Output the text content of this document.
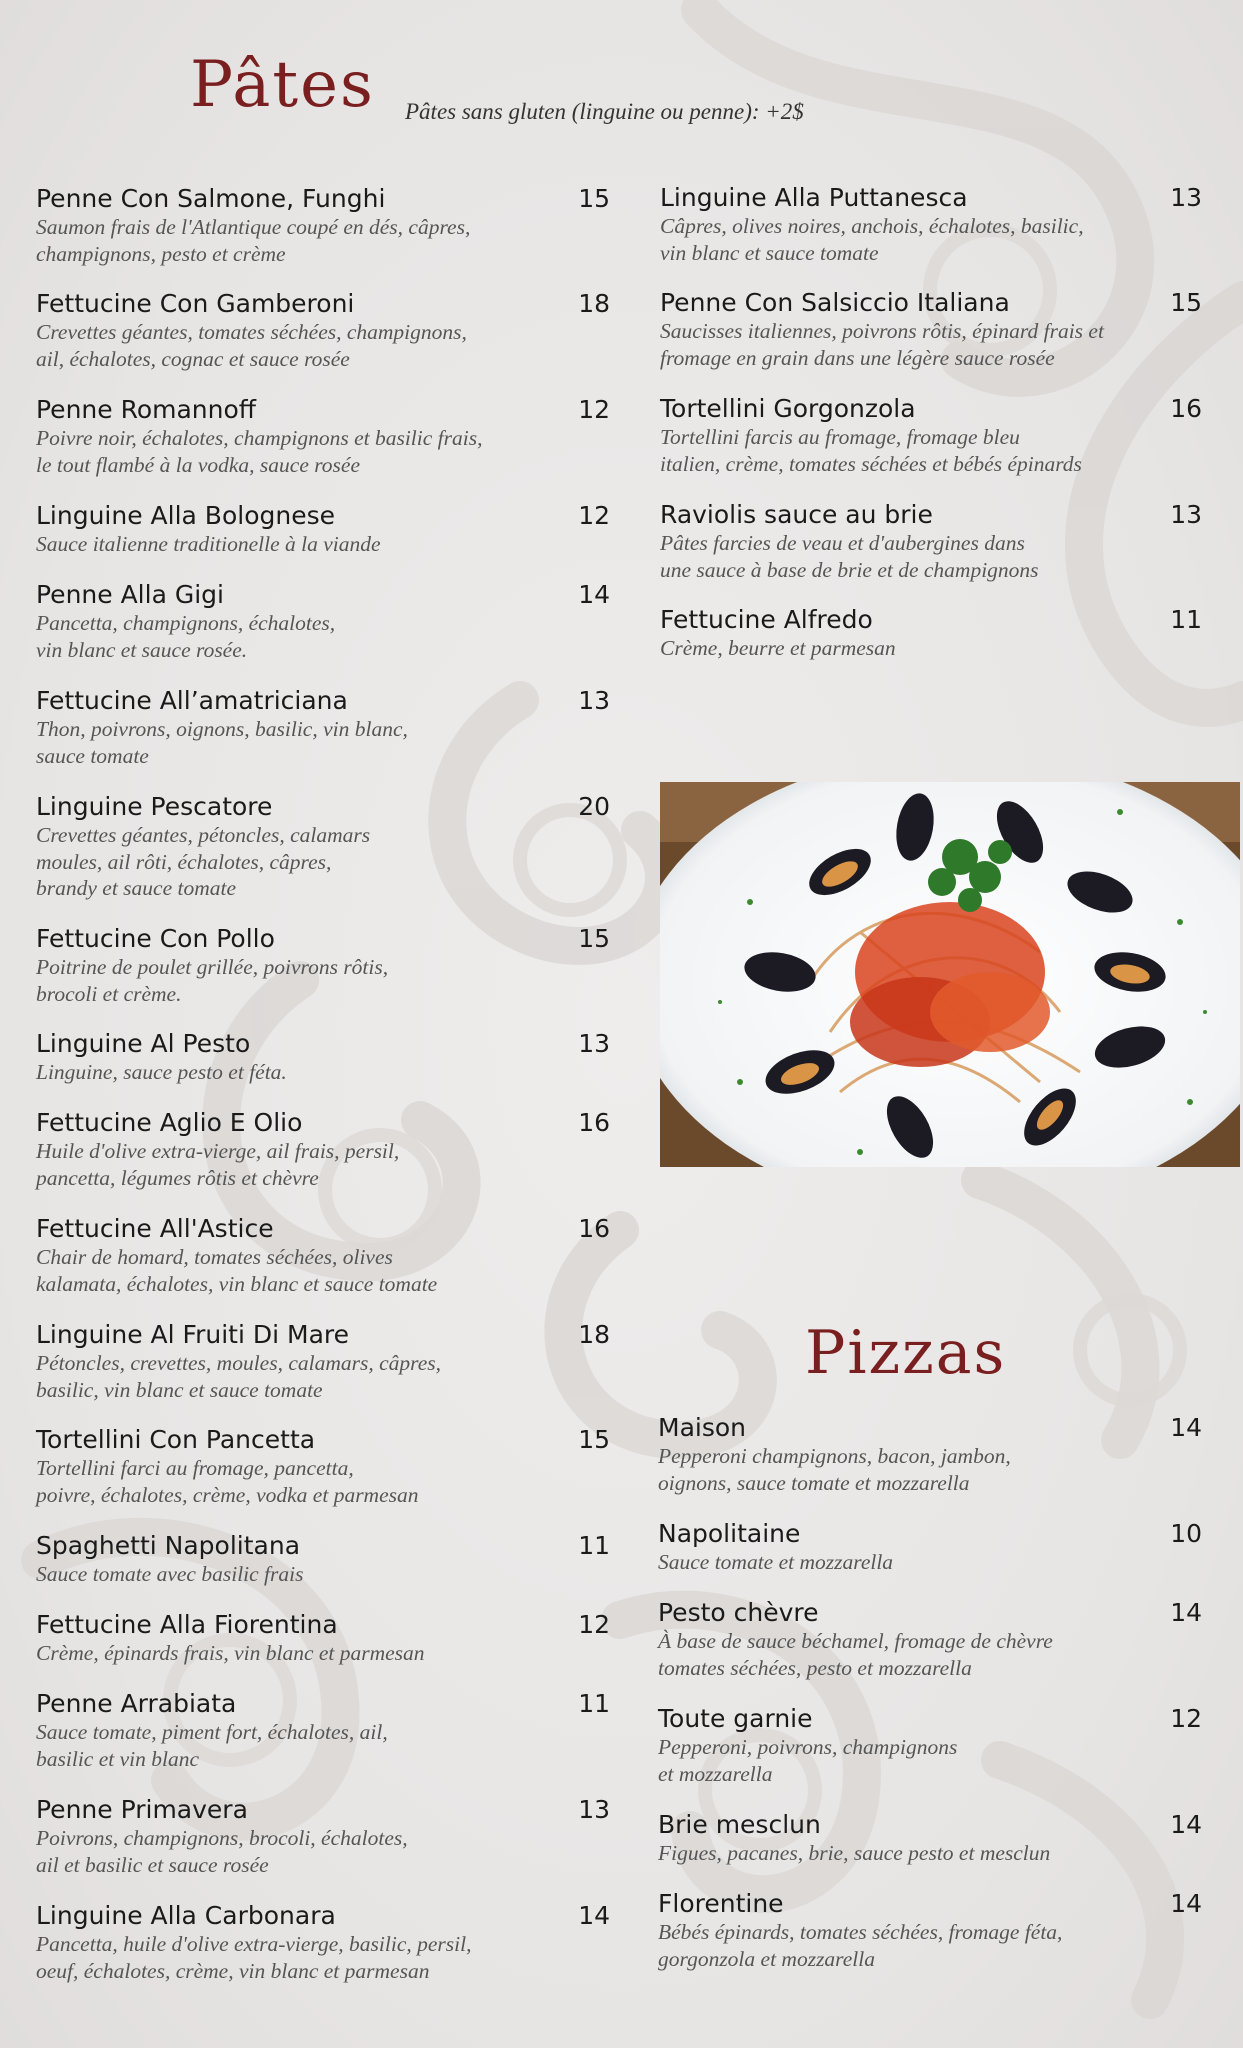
Pâtes Pâtes sans gluten (linguine ou penne): +2$
Penne Con Salmone, Funghi	15
Saumon frais de l'Atlantique coupé en dés, câpres,
champignons, pesto et crème
Fettucine Con Gamberoni	18
Crevettes géantes, tomates séchées, champignons,
ail, échalotes, cognac et sauce rosée
Penne Romannoff	12
Poivre noir, échalotes, champignons et basilic frais,
le tout flambé à la vodka, sauce rosée
Linguine Alla Bolognese	12
Sauce italienne traditionelle à la viande
Penne Alla Gigi	14
Pancetta, champignons, échalotes,
vin blanc et sauce rosée.
Fettucine All’amatriciana	13
Thon, poivrons, oignons, basilic, vin blanc,
sauce tomate
Linguine Pescatore	20
Crevettes géantes, pétoncles, calamars
moules, ail rôti, échalotes, câpres,
brandy et sauce tomate
Fettucine Con Pollo	15
Poitrine de poulet grillée, poivrons rôtis,
brocoli et crème.
Linguine Al Pesto	13
Linguine, sauce pesto et féta.
Fettucine Aglio E Olio	16
Huile d'olive extra-vierge, ail frais, persil,
pancetta, légumes rôtis et chèvre
Fettucine All'Astice	16
Chair de homard, tomates séchées, olives
kalamata, échalotes, vin blanc et sauce tomate
Linguine Al Fruiti Di Mare	18
Pétoncles, crevettes, moules, calamars, câpres,
basilic, vin blanc et sauce tomate
Tortellini Con Pancetta	15
Tortellini farci au fromage, pancetta,
poivre, échalotes, crème, vodka et parmesan
Spaghetti Napolitana	11
Sauce tomate avec basilic frais
Fettucine Alla Fiorentina	12
Crème, épinards frais, vin blanc et parmesan
Penne Arrabiata	11
Sauce tomate, piment fort, échalotes, ail,
basilic et vin blanc
Penne Primavera	13
Poivrons, champignons, brocoli, échalotes,
ail et basilic et sauce rosée
Linguine Alla Carbonara	14
Pancetta, huile d'olive extra-vierge, basilic, persil,
oeuf, échalotes, crème, vin blanc et parmesan
Linguine Alla Puttanesca	13
Câpres, olives noires, anchois, échalotes, basilic,
vin blanc et sauce tomate
Penne Con Salsiccio Italiana	15
Saucisses italiennes, poivrons rôtis, épinard frais et
fromage en grain dans une légère sauce rosée
Tortellini Gorgonzola	16
Tortellini farcis au fromage, fromage bleu
italien, crème, tomates séchées et bébés épinards
Raviolis sauce au brie	13
Pâtes farcies de veau et d'aubergines dans
une sauce à base de brie et de champignons
Fettucine Alfredo	11
Crème, beurre et parmesan
Pizzas
Maison	14
Pepperoni champignons, bacon, jambon,
oignons, sauce tomate et mozzarella
Napolitaine	10
Sauce tomate et mozzarella
Pesto chèvre	14
À base de sauce béchamel, fromage de chèvre
tomates séchées, pesto et mozzarella
Toute garnie	12
Pepperoni, poivrons, champignons
et mozzarella
Brie mesclun	14
Figues, pacanes, brie, sauce pesto et mesclun
Florentine	14
Bébés épinards, tomates séchées, fromage féta,
gorgonzola et mozzarella
